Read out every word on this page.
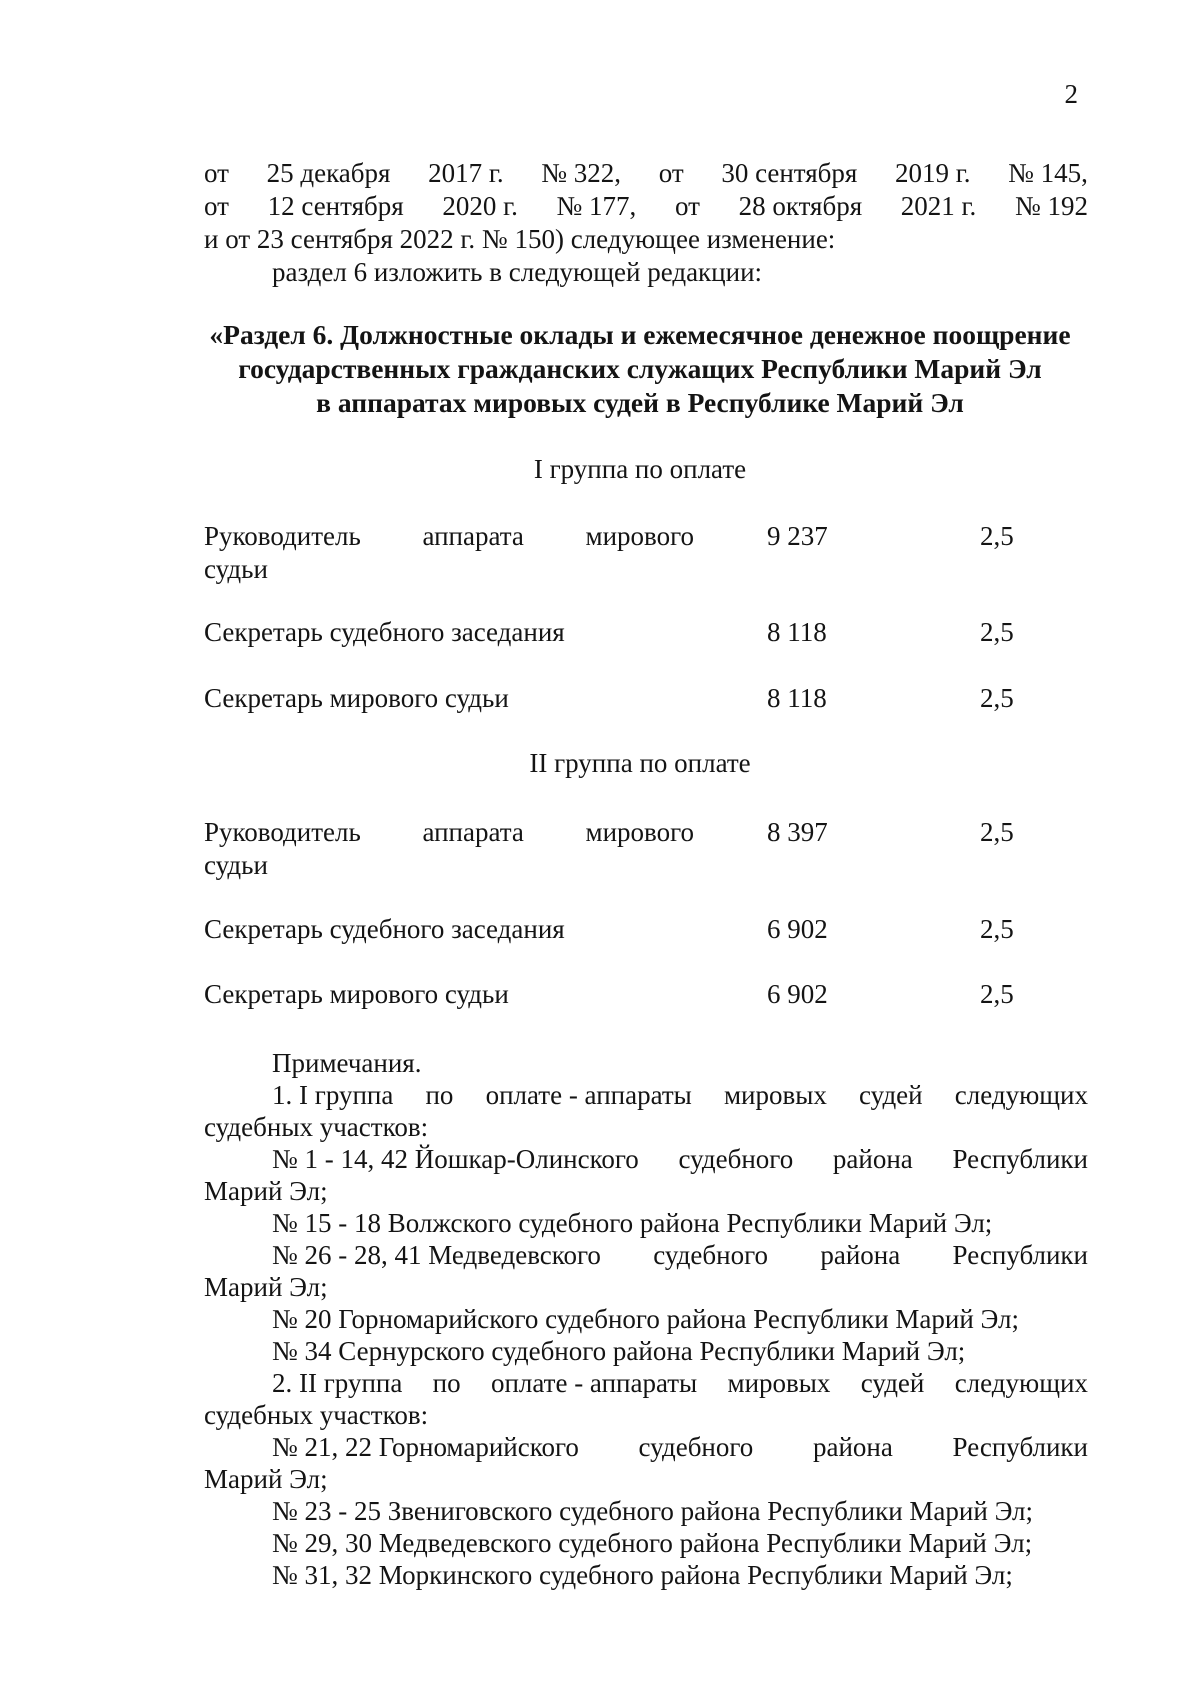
2
от 25 декабря 2017 г. № 322, от 30 сентября 2019 г. № 145,
от 12 сентября 2020 г. № 177, от 28 октября 2021 г. № 192
и от 23 сентября 2022 г. № 150) следующее изменение:
раздел 6 изложить в следующей редакции:
«Раздел 6. Должностные оклады и ежемесячное денежное поощрение
государственных гражданских служащих Республики Марий Эл
в аппаратах мировых судей в Республике Марий Эл
I группа по оплате
Руководитель аппарата мирового
судьи
9 237	2,5
Секретарь судебного заседания	8 118	2,5
Секретарь мирового судьи	8 118	2,5
II группа по оплате
Руководитель аппарата мирового
судьи
8 397	2,5
Секретарь судебного заседания	6 902	2,5
Секретарь мирового судьи	6 902	2,5
Примечания.
1. I группа по оплате - аппараты мировых судей следующих
судебных участков:
№ 1 - 14, 42 Йошкар-Олинского судебного района Республики
Марий Эл;
№ 15 - 18 Волжского судебного района Республики Марий Эл;
№ 26 - 28, 41 Медведевского судебного района Республики
Марий Эл;
№ 20 Горномарийского судебного района Республики Марий Эл;
№ 34 Сернурского судебного района Республики Марий Эл;
2. II группа по оплате - аппараты мировых судей следующих
судебных участков:
№ 21, 22 Горномарийского судебного района Республики
Марий Эл;
№ 23 - 25 Звениговского судебного района Республики Марий Эл;
№ 29, 30 Медведевского судебного района Республики Марий Эл;
№ 31, 32 Моркинского судебного района Республики Марий Эл;
